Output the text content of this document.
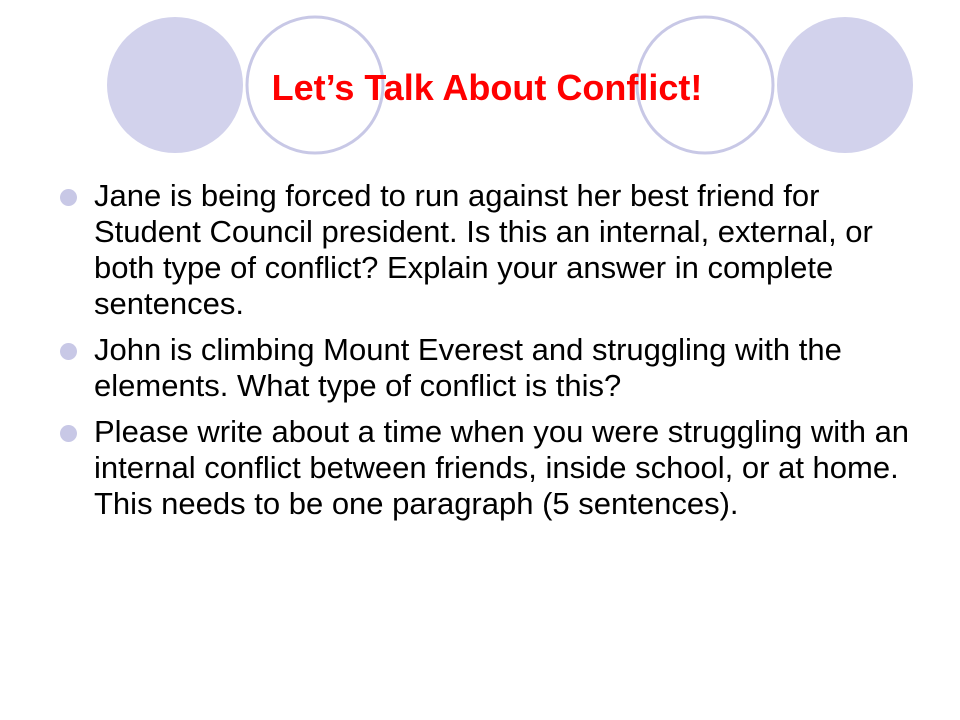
Let’s Talk About Conflict!
Jane is being forced to run against her best friend for Student Council president. Is this an internal, external, or both type of conflict? Explain your answer in complete sentences.
John is climbing Mount Everest and struggling with the elements. What type of conflict is this?
Please write about a time when you were struggling with an internal conflict between friends, inside school, or at home. This needs to be one paragraph (5 sentences).
